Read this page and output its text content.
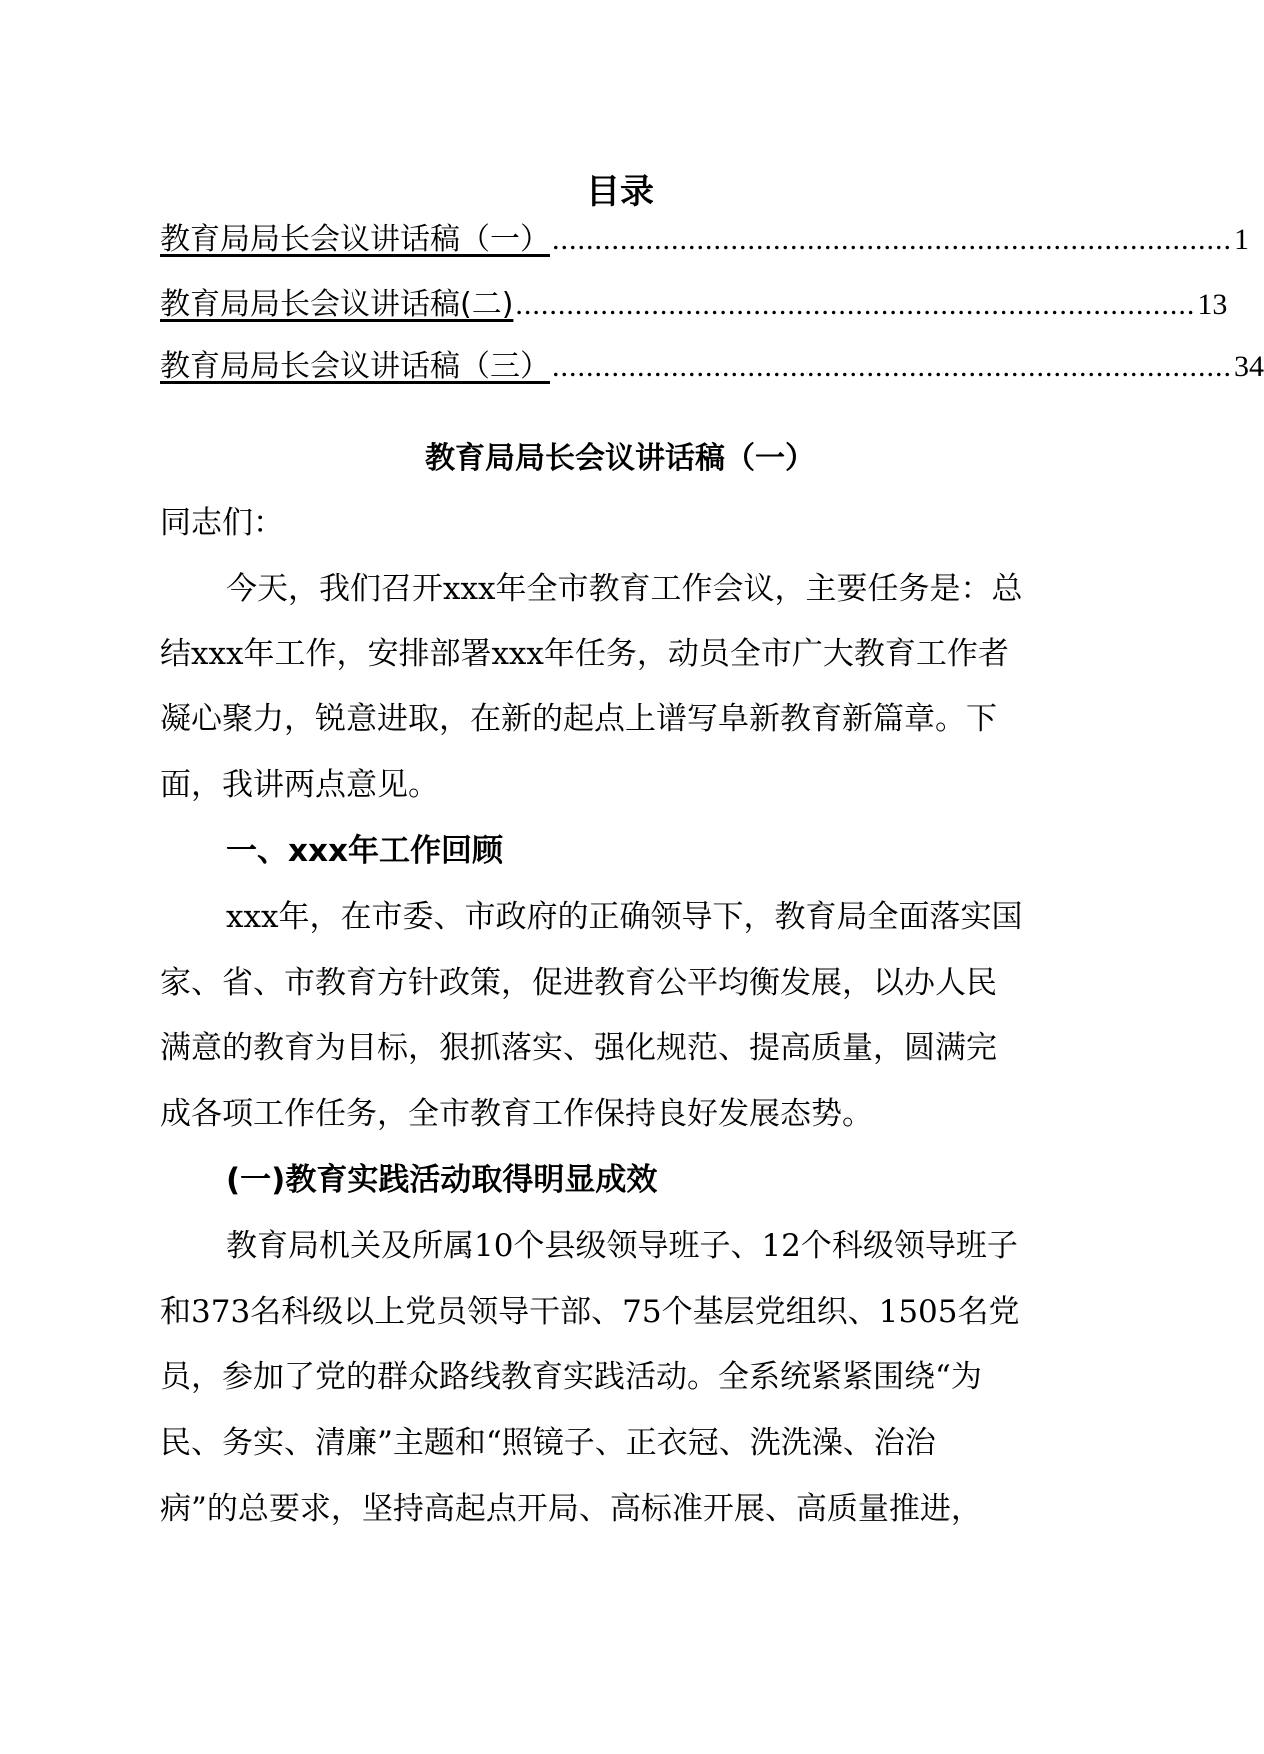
目录
教育局局长会议讲话稿（一） ................................................................................ 1
教育局局长会议讲话稿(二) ................................................................................ 13
教育局局长会议讲话稿（三） ................................................................................ 34
教育局局长会议讲话稿（一）
同志们：
今天，我们召开xxx年全市教育工作会议，主要任务是：总
结xxx年工作，安排部署xxx年任务，动员全市广大教育工作者
凝心聚力，锐意进取，在新的起点上谱写阜新教育新篇章。下
面，我讲两点意见。
一、xxx年工作回顾
xxx年，在市委、市政府的正确领导下，教育局全面落实国
家、省、市教育方针政策，促进教育公平均衡发展，以办人民
满意的教育为目标，狠抓落实、强化规范、提高质量，圆满完
成各项工作任务，全市教育工作保持良好发展态势。
(一)教育实践活动取得明显成效
教育局机关及所属10个县级领导班子、12个科级领导班子
和373名科级以上党员领导干部、75个基层党组织、1505名党
员，参加了党的群众路线教育实践活动。全系统紧紧围绕“为
民、务实、清廉”主题和“照镜子、正衣冠、洗洗澡、治治
病”的总要求，坚持高起点开局、高标准开展、高质量推进，
